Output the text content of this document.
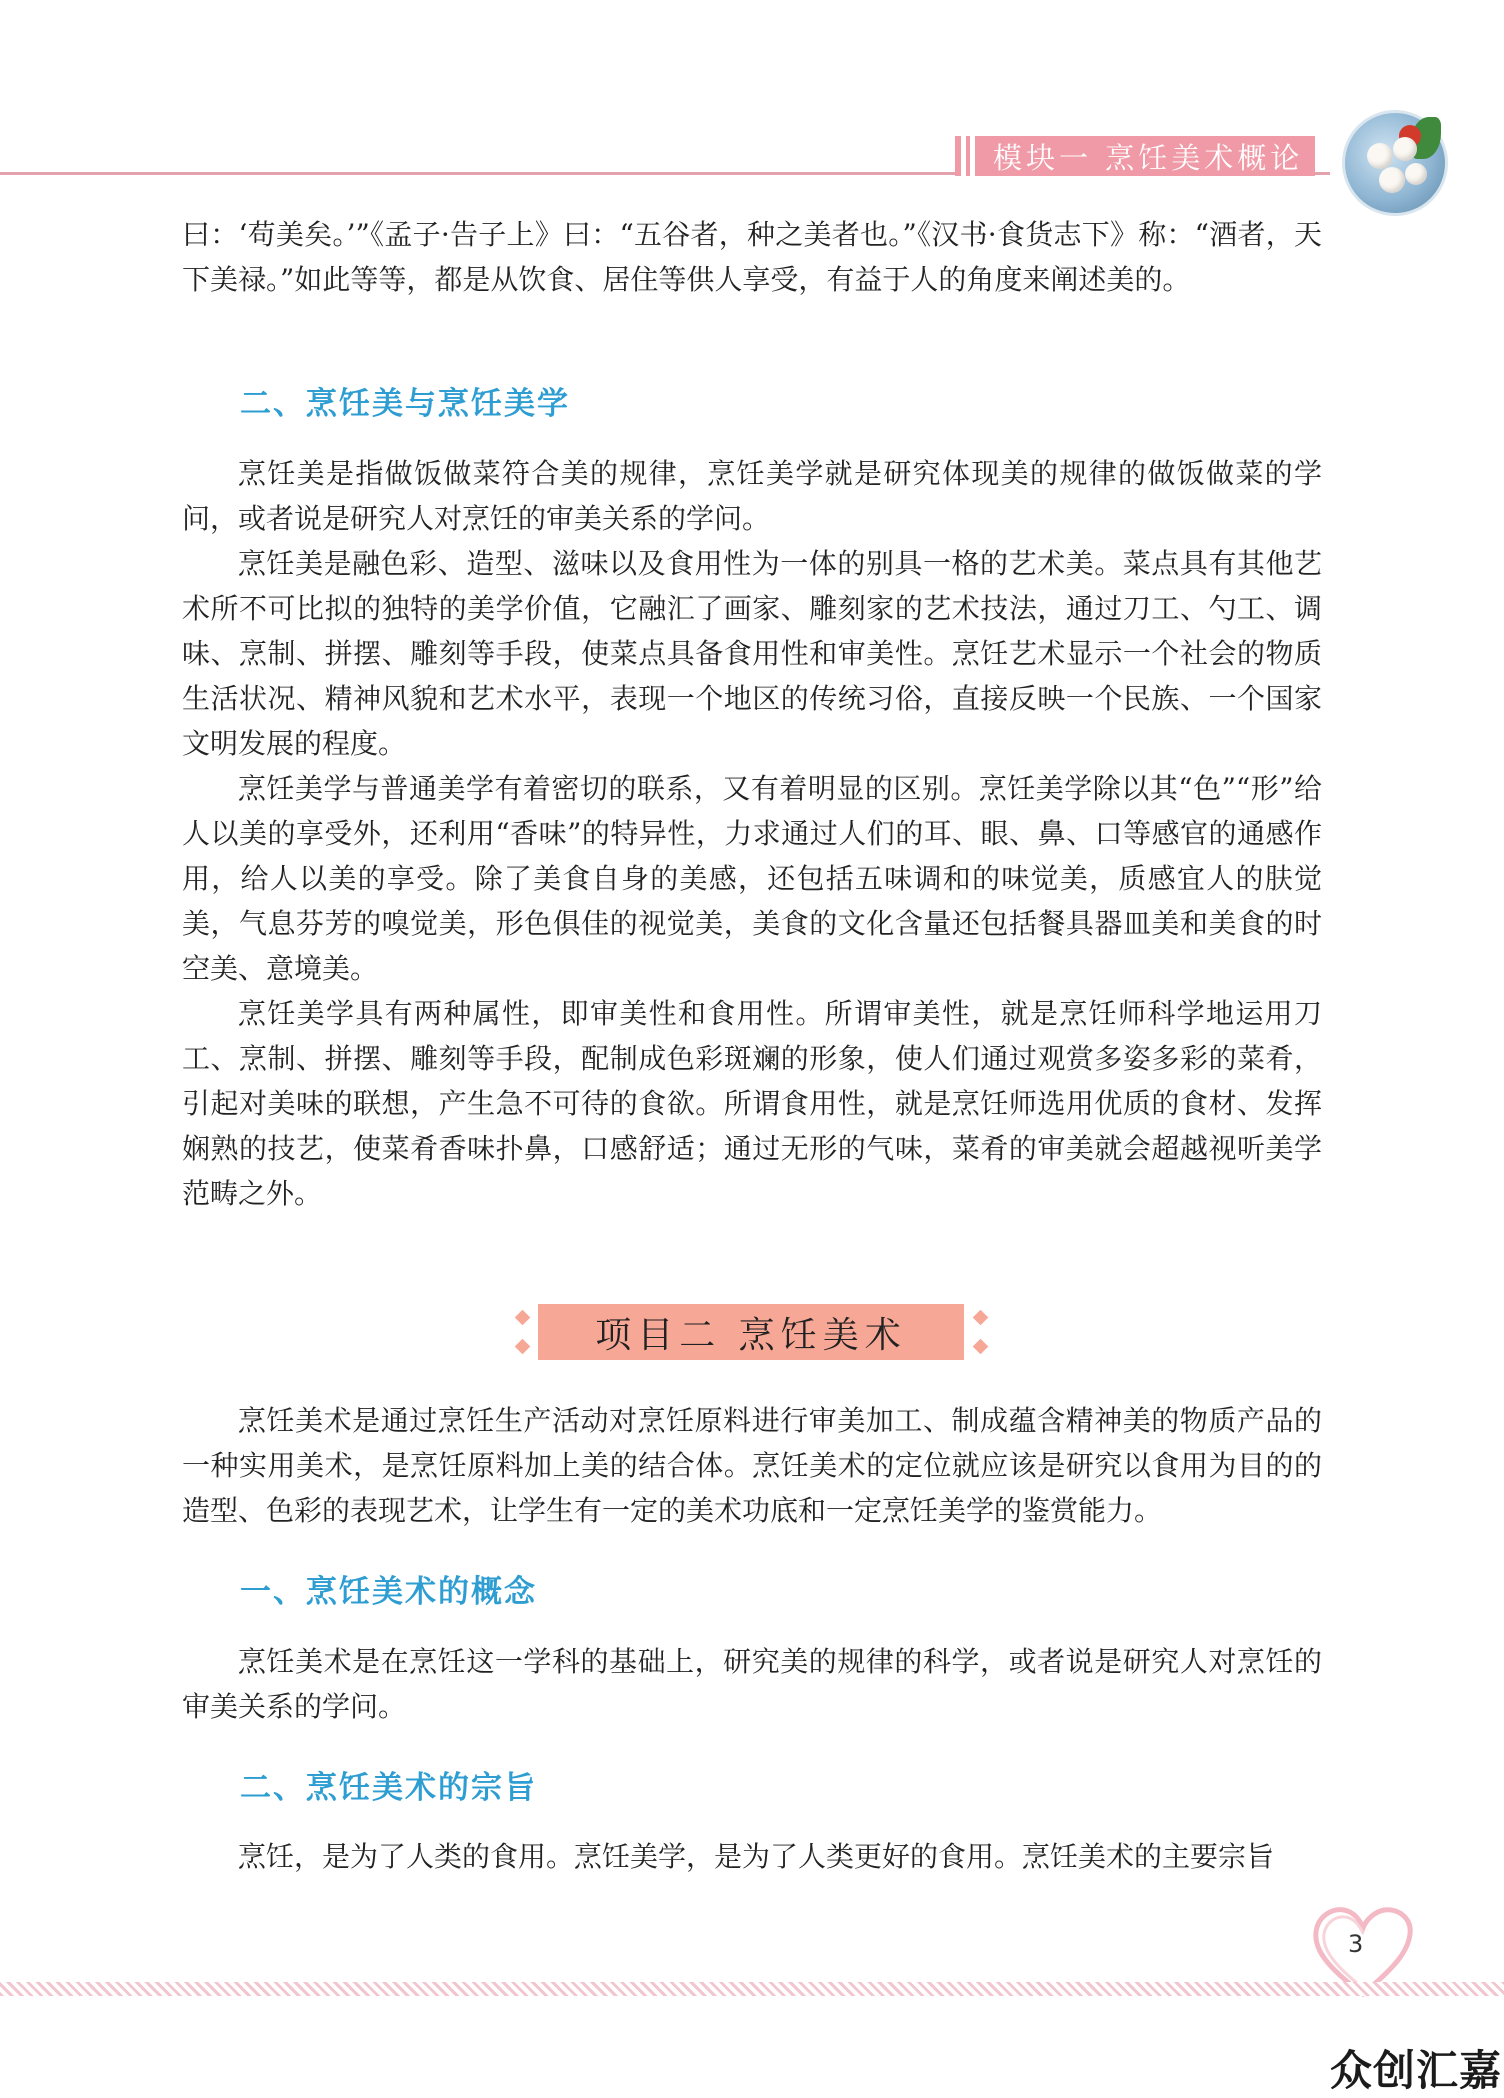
模块一 烹饪美术概论

曰：‘苟美矣。’”《孟子·告子上》曰：“五谷者，种之美者也。”《汉书·食货志下》称：“酒者，天下美禄。”如此等等，都是从饮食、居住等供人享受，有益于人的角度来阐述美的。

二、烹饪美与烹饪美学

烹饪美是指做饭做菜符合美的规律，烹饪美学就是研究体现美的规律的做饭做菜的学问，或者说是研究人对烹饪的审美关系的学问。

烹饪美是融色彩、造型、滋味以及食用性为一体的别具一格的艺术美。菜点具有其他艺术所不可比拟的独特的美学价值，它融汇了画家、雕刻家的艺术技法，通过刀工、勺工、调味、烹制、拼摆、雕刻等手段，使菜点具备食用性和审美性。烹饪艺术显示一个社会的物质生活状况、精神风貌和艺术水平，表现一个地区的传统习俗，直接反映一个民族、一个国家文明发展的程度。

烹饪美学与普通美学有着密切的联系，又有着明显的区别。烹饪美学除以其“色”“形”给人以美的享受外，还利用“香味”的特异性，力求通过人们的耳、眼、鼻、口等感官的通感作用，给人以美的享受。除了美食自身的美感，还包括五味调和的味觉美，质感宜人的肤觉美，气息芬芳的嗅觉美，形色俱佳的视觉美，美食的文化含量还包括餐具器皿美和美食的时空美、意境美。

烹饪美学具有两种属性，即审美性和食用性。所谓审美性，就是烹饪师科学地运用刀工、烹制、拼摆、雕刻等手段，配制成色彩斑斓的形象，使人们通过观赏多姿多彩的菜肴，引起对美味的联想，产生急不可待的食欲。所谓食用性，就是烹饪师选用优质的食材、发挥娴熟的技艺，使菜肴香味扑鼻，口感舒适；通过无形的气味，菜肴的审美就会超越视听美学范畴之外。

项目二 烹饪美术

烹饪美术是通过烹饪生产活动对烹饪原料进行审美加工、制成蕴含精神美的物质产品的一种实用美术，是烹饪原料加上美的结合体。烹饪美术的定位就应该是研究以食用为目的的造型、色彩的表现艺术，让学生有一定的美术功底和一定烹饪美学的鉴赏能力。

一、烹饪美术的概念

烹饪美术是在烹饪这一学科的基础上，研究美的规律的科学，或者说是研究人对烹饪的审美关系的学问。

二、烹饪美术的宗旨

烹饪，是为了人类的食用。烹饪美学，是为了人类更好的食用。烹饪美术的主要宗旨

3
众创汇嘉
